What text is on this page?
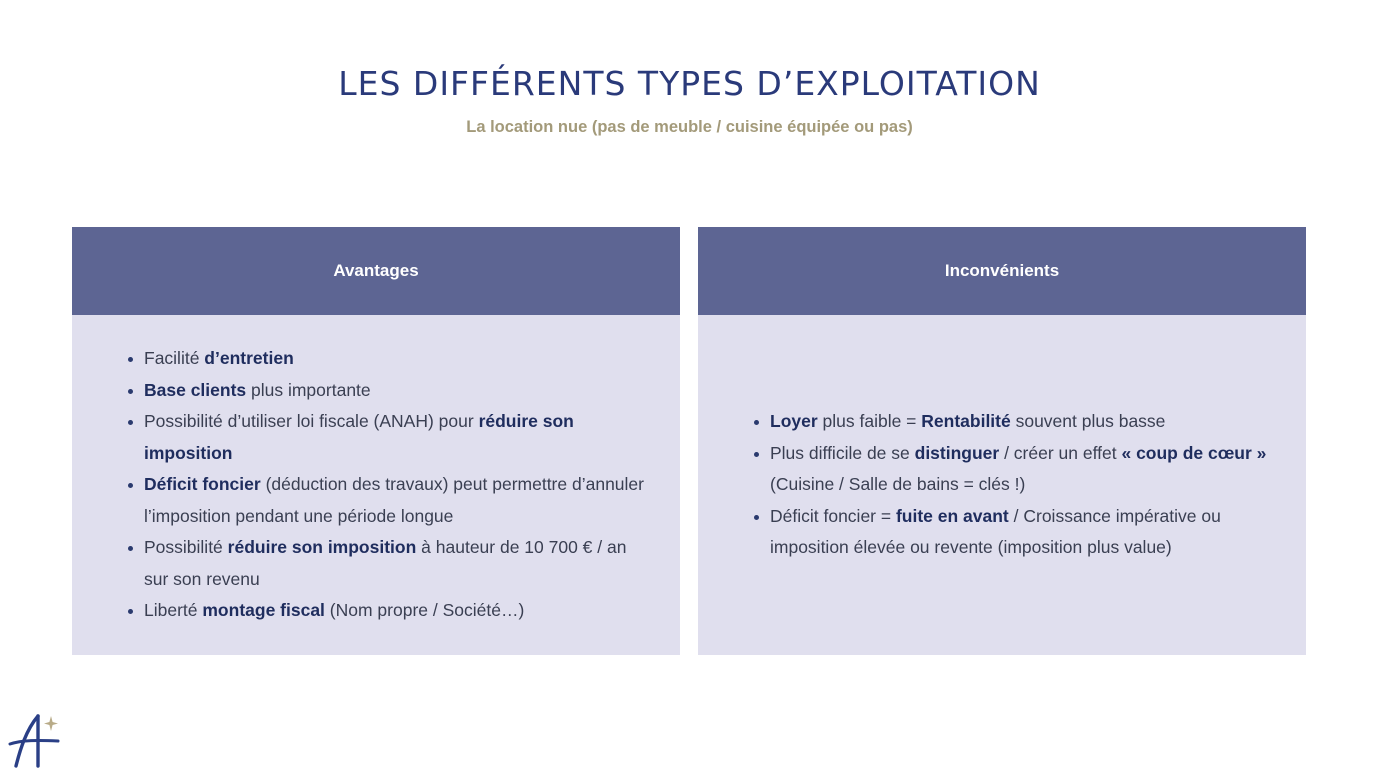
LES DIFFÉRENTS TYPES D’EXPLOITATION
La location nue (pas de meuble / cuisine équipée ou pas)
Avantages
Facilité d’entretien
Base clients plus importante
Possibilité d’utiliser loi fiscale (ANAH) pour réduire son imposition
Déficit foncier (déduction des travaux) peut permettre d’annuler l’imposition pendant une période longue
Possibilité réduire son imposition à hauteur de 10 700 € / an sur son revenu
Liberté montage fiscal (Nom propre / Société…)
Inconvénients
Loyer plus faible = Rentabilité souvent plus basse
Plus difficile de se distinguer / créer un effet « coup de cœur » (Cuisine / Salle de bains = clés !)
Déficit foncier = fuite en avant / Croissance impérative ou imposition élevée ou revente (imposition plus value)
